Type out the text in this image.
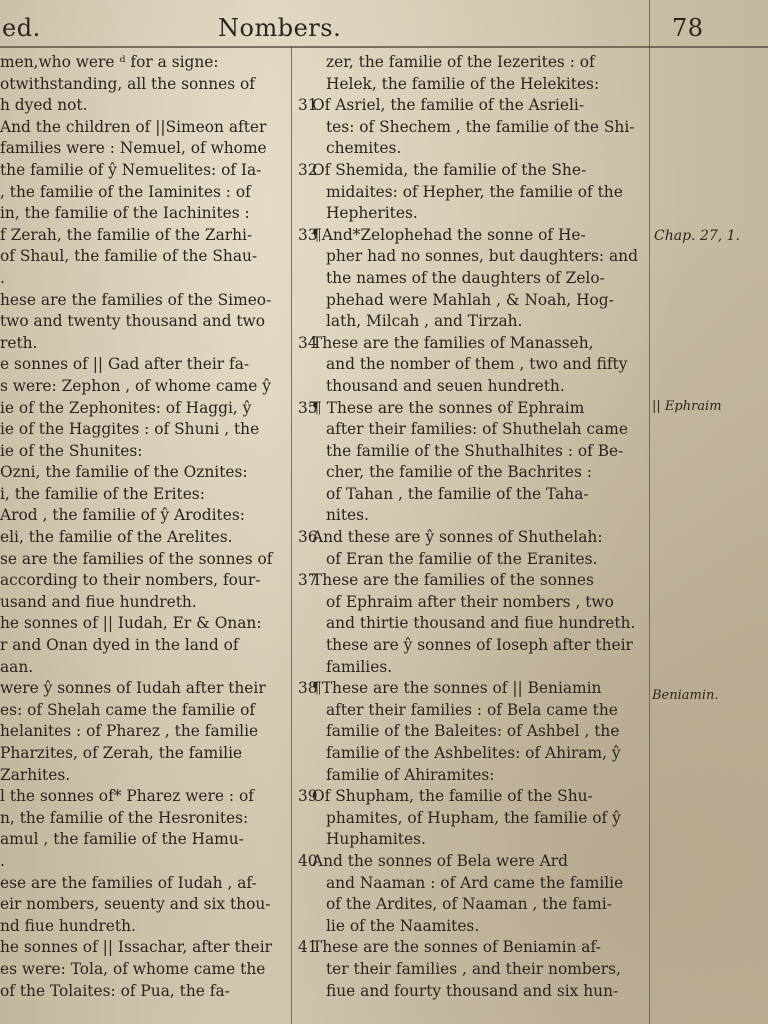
ed.	Nombers.	78
men,who were ᵈ for a signe:
otwithstanding, all the sonnes of
h dyed not.
And the children of ||Simeon after
families were : Nemuel, of whome
the familie of ŷ Nemuelites: of Ia-
, the familie of the Iaminites : of
in, the familie of the Iachinites :
f Zerah, the familie of the Zarhi-
of Shaul, the familie of the Shau-
.
hese are the families of the Simeo-
two and twenty thousand and two
reth.
e sonnes of || Gad after their fa-
s were: Zephon , of whome came ŷ
ie of the Zephonites: of Haggi, ŷ
ie of the Haggites : of Shuni , the
ie of the Shunites:
Ozni, the familie of the Oznites:
i, the familie of the Erites:
Arod , the familie of ŷ Arodites:
eli, the familie of the Arelites.
se are the families of the sonnes of
according to their nombers, four-
usand and fiue hundreth.
he sonnes of || Iudah, Er & Onan:
r and Onan dyed in the land of
aan.
were ŷ sonnes of Iudah after their
es: of Shelah came the familie of
helanites : of Pharez , the familie
Pharzites, of Zerah, the familie
Zarhites.
l the sonnes of* Pharez were : of
n, the familie of the Hesronites:
amul , the familie of the Hamu-
.
ese are the families of Iudah , af-
eir nombers, seuenty and six thou-
nd fiue hundreth.
he sonnes of || Issachar, after their
es were: Tola, of whome came the
of the Tolaites: of Pua, the fa-
zer, the familie of the Iezerites : of
Helek, the familie of the Helekites:
31Of Asriel, the familie of the Asrieli-
tes: of Shechem , the familie of the Shi-
chemites.
32Of Shemida, the familie of the She-
midaites: of Hepher, the familie of the
Hepherites.
33¶And*Zelophehad the sonne of He-
pher had no sonnes, but daughters: and
the names of the daughters of Zelo-
phehad were Mahlah , & Noah, Hog-
lath, Milcah , and Tirzah.
34These are the families of Manasseh,
and the nomber of them , two and fifty
thousand and seuen hundreth.
35¶ These are the sonnes of Ephraim
after their families: of Shuthelah came
the familie of the Shuthalhites : of Be-
cher, the familie of the Bachrites :
of Tahan , the familie of the Taha-
nites.
36And these are ŷ sonnes of Shuthelah:
of Eran the familie of the Eranites.
37These are the families of the sonnes
of Ephraim after their nombers , two
and thirtie thousand and fiue hundreth.
these are ŷ sonnes of Ioseph after their
families.
38¶These are the sonnes of || Beniamin
after their families : of Bela came the
familie of the Baleites: of Ashbel , the
familie of the Ashbelites: of Ahiram, ŷ
familie of Ahiramites:
39Of Shupham, the familie of the Shu-
phamites, of Hupham, the familie of ŷ
Huphamites.
40And the sonnes of Bela were Ard
and Naaman : of Ard came the familie
of the Ardites, of Naaman , the fami-
lie of the Naamites.
41These are the sonnes of Beniamin af-
ter their families , and their nombers,
fiue and fourty thousand and six hun-
Chap. 27, 1.
|| Ephraim
Beniamin.
